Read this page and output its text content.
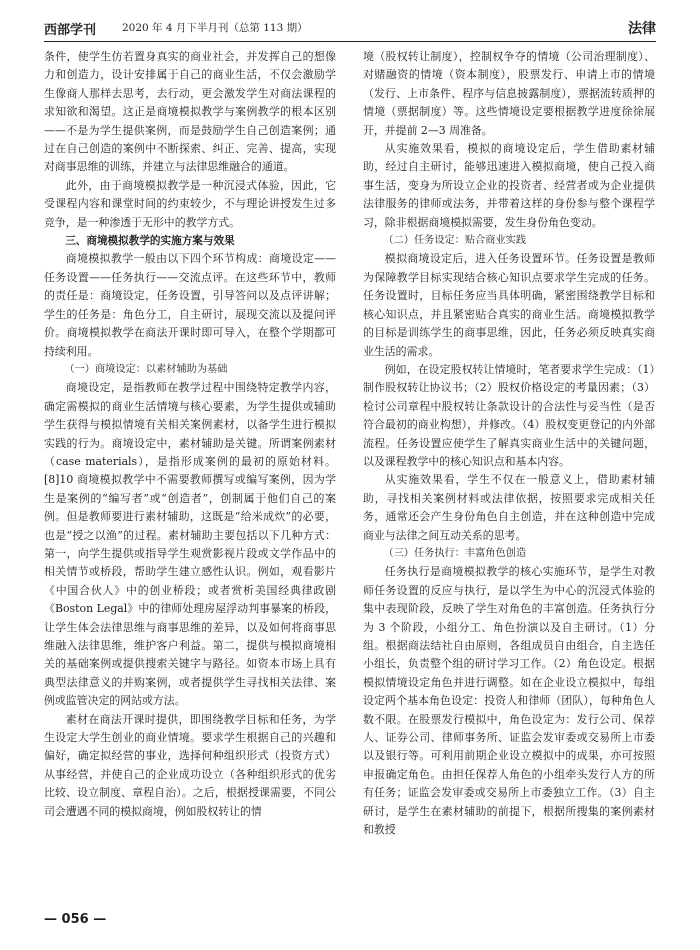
西部学刊 2020 年 4 月下半月刊（总第 113 期）	法律

条件，使学生仿若置身真实的商业社会，并发挥自己的想像力和创造力，设计安排属于自己的商业生活，不仅会激励学生像商人那样去思考，去行动，更会激发学生对商法课程的求知欲和渴望。这正是商境模拟教学与案例教学的根本区别——不是为学生提供案例，而是鼓励学生自己创造案例；通过在自己创造的案例中不断探索、纠正、完善、提高，实现对商事思维的训练，并建立与法律思维融合的通道。

此外，由于商境模拟教学是一种沉浸式体验，因此，它受课程内容和课堂时间的约束较少，不与理论讲授发生过多竞争，是一种渗透于无形中的教学方式。

三、商境模拟教学的实施方案与效果

商境模拟教学一般由以下四个环节构成：商境设定——任务设置——任务执行——交流点评。在这些环节中，教师的责任是：商境设定，任务设置，引导答问以及点评讲解；学生的任务是：角色分工，自主研讨，展现交流以及提问评价。商境模拟教学在商法开课时即可导入，在整个学期都可持续利用。

（一）商境设定：以素材辅助为基础

商境设定，是指教师在教学过程中围绕特定教学内容，确定需模拟的商业生活情境与核心要素，为学生提供或辅助学生获得与模拟情境有关相关案例素材，以备学生进行模拟实践的行为。商境设定中，素材辅助是关键。所谓案例素材（case materials），是指形成案例的最初的原始材料。[8]10 商境模拟教学中不需要教师撰写或编写案例，因为学生是案例的“编写者”或“创造者”，创制属于他们自己的案例。但是教师要进行素材辅助，这既是“给米成炊”的必要，也是“授之以渔”的过程。素材辅助主要包括以下几种方式：第一，向学生提供或指导学生观赏影视片段或文学作品中的相关情节或桥段，帮助学生建立感性认识。例如，观看影片《中国合伙人》中的创业桥段；或者赏析美国经典律政剧《Boston Legal》中的律师处理房屋浮动判事暴案的桥段，让学生体会法律思维与商事思维的差异，以及如何将商事思维融入法律思维，维护客户利益。第二，提供与模拟商境相关的基础案例或提供搜索关键字与路径。如资本市场上具有典型法律意义的并购案例，或者提供学生寻找相关法律、案例或监管决定的网站或方法。

素材在商法开课时提供，即围绕教学目标和任务，为学生设定大学生创业的商业情境。要求学生根据自己的兴趣和偏好，确定拟经营的事业，选择何种组织形式（投资方式）从事经营，并使自己的企业成功设立（各种组织形式的优劣比较、设立制度、章程自治）。之后，根据授课需要，不同公司会遭遇不同的模拟商境，例如股权转让的情

境（股权转让制度），控制权争夺的情境（公司治理制度）、对赌融资的情境（资本制度），股票发行、申请上市的情境（发行、上市条件、程序与信息披露制度），票据流转质押的情境（票据制度）等。这些情境设定要根据教学进度徐徐展开，并提前 2—3 周准备。

从实施效果看，模拟的商境设定后，学生借助素材辅助，经过自主研讨，能够迅速进入模拟商境，使自己投入商事生活，变身为所设立企业的投资者、经营者或为企业提供法律服务的律师或法务，并带着这样的身份参与整个课程学习，除非根据商境模拟需要，发生身份角色变动。

（二）任务设定：贴合商业实践

模拟商境设定后，进入任务设置环节。任务设置是教师为保障教学目标实现结合核心知识点要求学生完成的任务。任务设置时，目标任务应当具体明确，紧密围绕教学目标和核心知识点，并且紧密贴合真实的商业生活。商境模拟教学的目标是训练学生的商事思维，因此，任务必须反映真实商业生活的需求。

例如，在设定股权转让情境时，笔者要求学生完成：（1）制作股权转让协议书；（2）股权价格设定的考量因素；（3）检讨公司章程中股权转让条款设计的合法性与妥当性（是否符合最初的商业构想），并修改。（4）股权变更登记的内外部流程。任务设置应使学生了解真实商业生活中的关键问题，以及课程教学中的核心知识点和基本内容。

从实施效果看，学生不仅在一般意义上，借助素材辅助，寻找相关案例材料或法律依据，按照要求完成相关任务，通常还会产生身份角色自主创造，并在这种创造中完成商业与法律之间互动关系的思考。

（三）任务执行：丰富角色创造

任务执行是商境模拟教学的核心实施环节，是学生对教师任务设置的反应与执行，是以学生为中心的沉浸式体验的集中表现阶段，反映了学生对角色的丰富创造。任务执行分为 3 个阶段，小组分工、角色扮演以及自主研讨。（1）分组。根据商法结社自由原则，各组成员自由组合，自主选任小组长，负责整个组的研讨学习工作。（2）角色设定。根据模拟情境设定角色并进行调整。如在企业设立模拟中，每组设定两个基本角色设定：投资人和律师（团队），每种角色人数不限。在股票发行模拟中，角色设定为：发行公司、保荐人、证券公司、律师事务所、证监会发审委或交易所上市委以及银行等。可利用前期企业设立模拟中的成果，亦可按照申报确定角色。由担任保荐人角色的小组牵头发行人方的所有任务；证监会发审委或交易所上市委独立工作。（3）自主研讨，是学生在素材辅助的前提下，根据所搜集的案例素材和教授

— 056 —
